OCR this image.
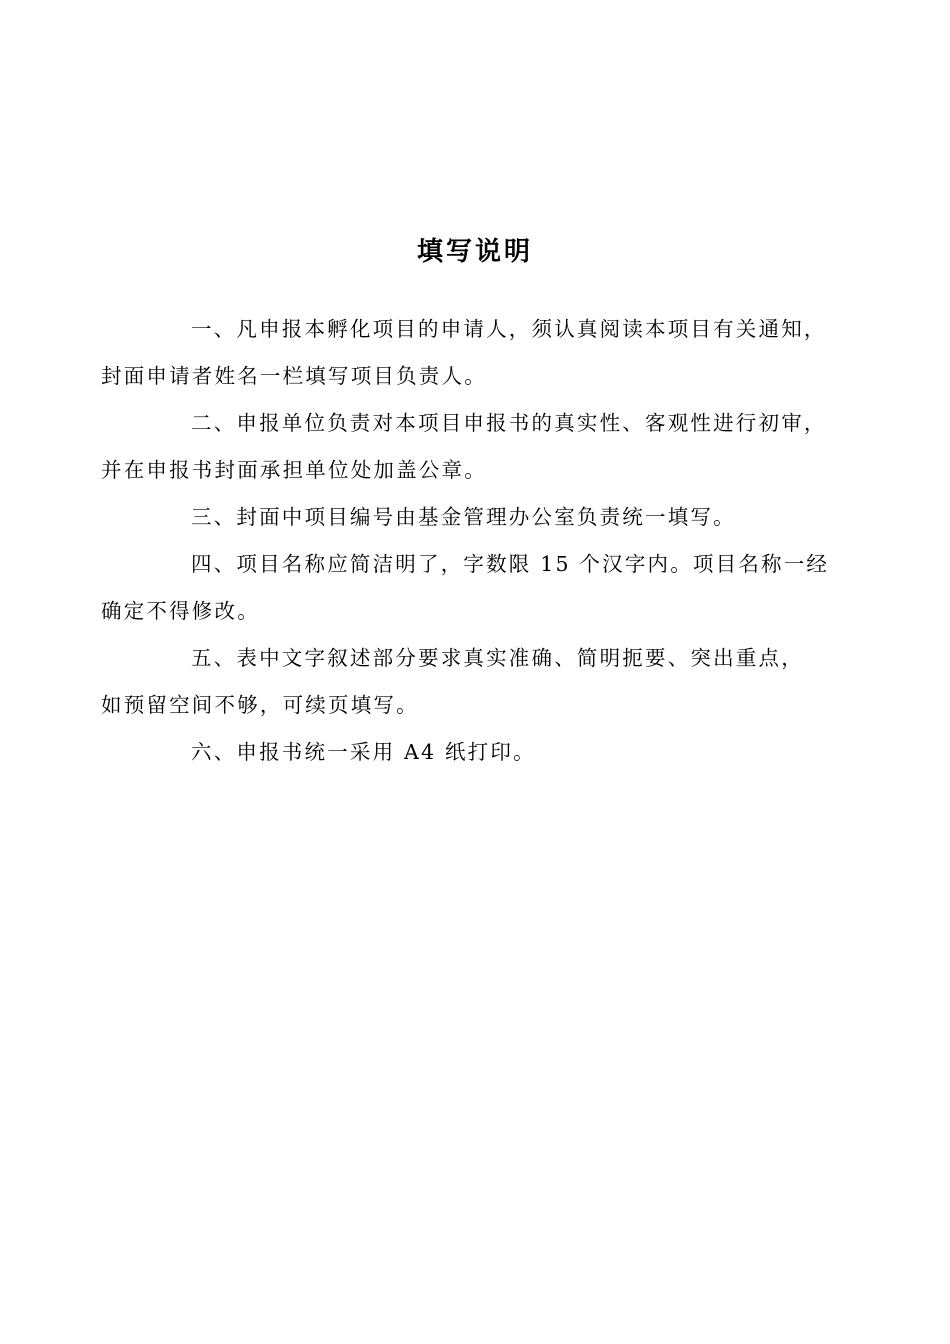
填写说明

一、凡申报本孵化项目的申请人，须认真阅读本项目有关通知，
封面申请者姓名一栏填写项目负责人。

二、申报单位负责对本项目申报书的真实性、客观性进行初审，
并在申报书封面承担单位处加盖公章。

三、封面中项目编号由基金管理办公室负责统一填写。

四、项目名称应简洁明了，字数限 15 个汉字内。项目名称一经
确定不得修改。

五、表中文字叙述部分要求真实准确、简明扼要、突出重点，
如预留空间不够，可续页填写。

六、申报书统一采用 A4 纸打印。
